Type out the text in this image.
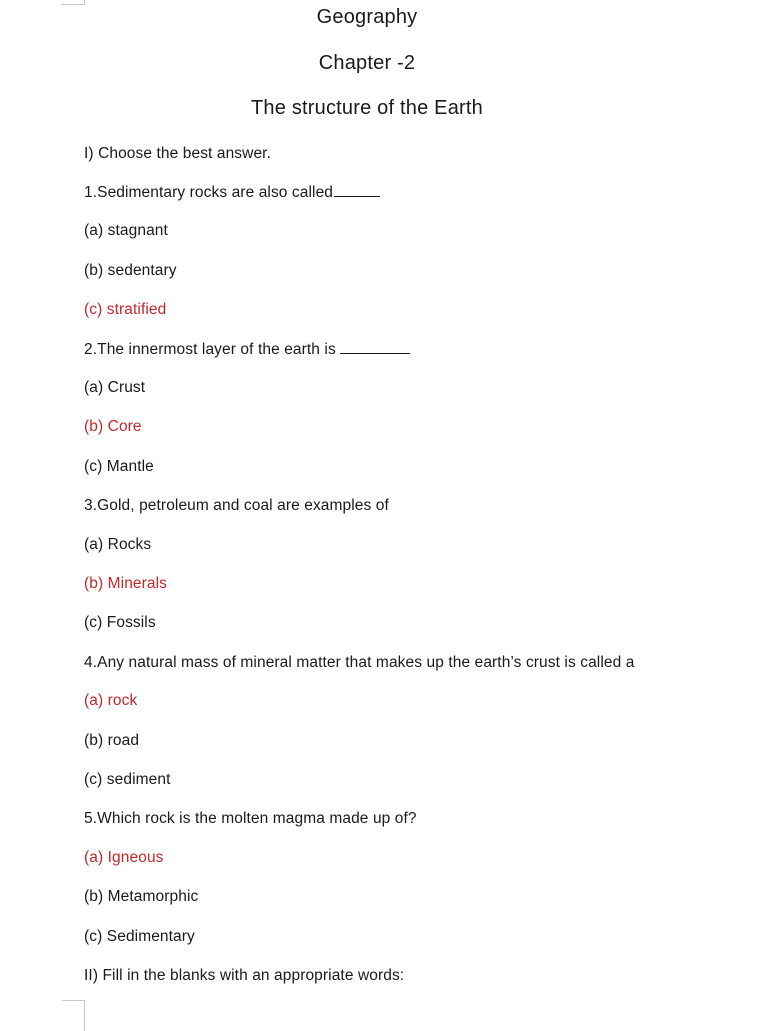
Geography
Chapter -2
The structure of the Earth
I) Choose the best answer.
1.Sedimentary rocks are also called
(a) stagnant
(b) sedentary
(c) stratified
2.The innermost layer of the earth is
(a) Crust
(b) Core
(c) Mantle
3.Gold, petroleum and coal are examples of
(a) Rocks
(b) Minerals
(c) Fossils
4.Any natural mass of mineral matter that makes up the earth’s crust is called a
(a) rock
(b) road
(c) sediment
5.Which rock is the molten magma made up of?
(a) Igneous
(b) Metamorphic
(c) Sedimentary
II) Fill in the blanks with an appropriate words:
